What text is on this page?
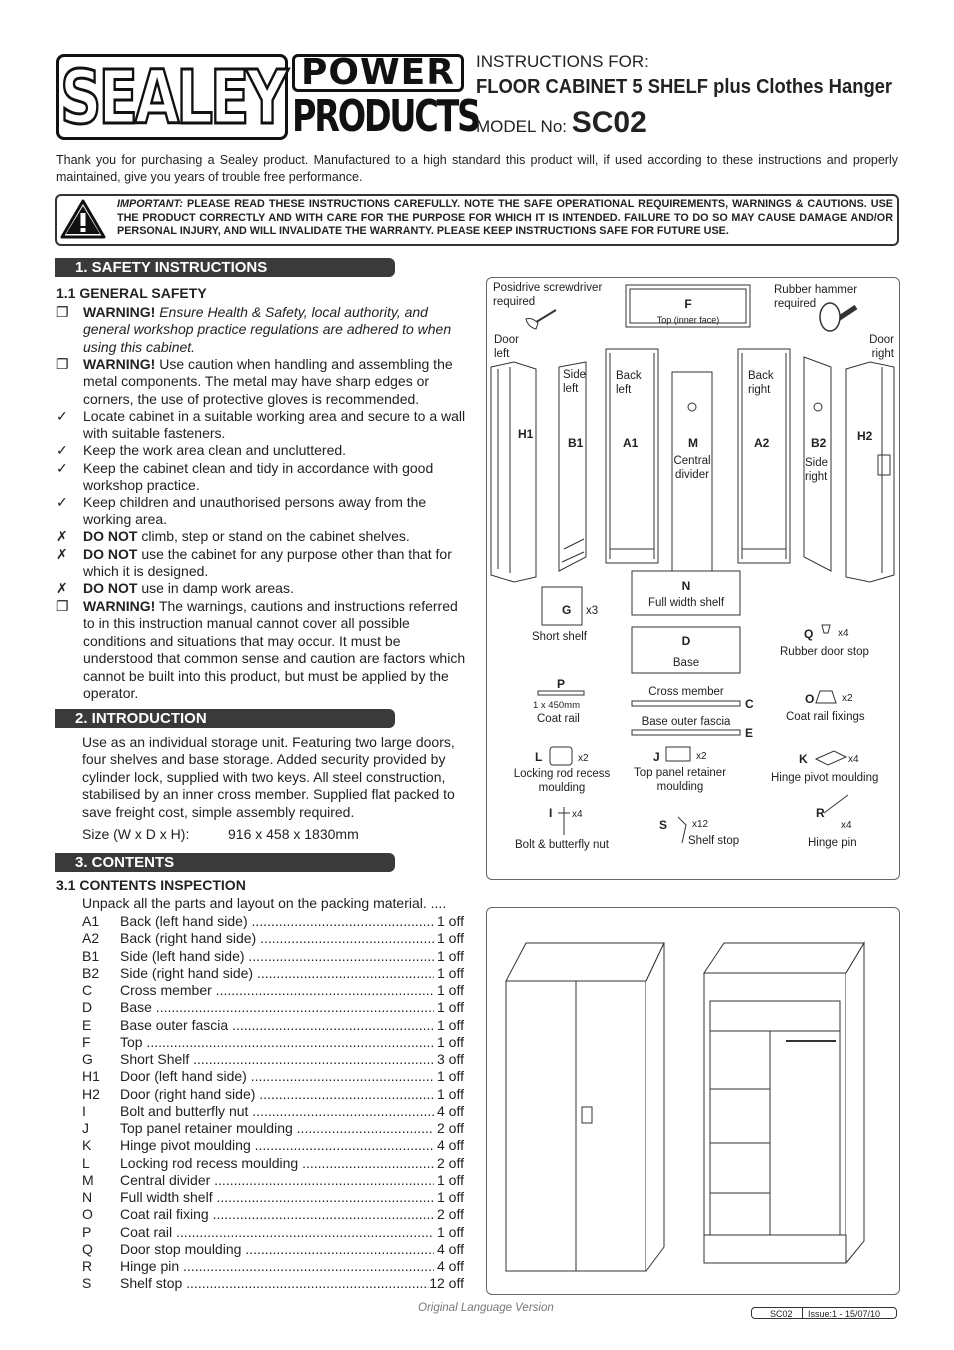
SEALEY POWER
PRODUCTS
INSTRUCTIONS FOR:
FLOOR CABINET 5 SHELF plus Clothes Hanger
MODEL No: SC02
Thank you for purchasing a Sealey product. Manufactured to a high standard this product will, if used according to these instructions and properly maintained, give you years of trouble free performance.
IMPORTANT: PLEASE READ THESE INSTRUCTIONS CAREFULLY. NOTE THE SAFE OPERATIONAL REQUIREMENTS, WARNINGS & CAUTIONS. USE THE PRODUCT CORRECTLY AND WITH CARE FOR THE PURPOSE FOR WHICH IT IS INTENDED. FAILURE TO DO SO MAY CAUSE DAMAGE AND/OR PERSONAL INJURY, AND WILL INVALIDATE THE WARRANTY. PLEASE KEEP INSTRUCTIONS SAFE FOR FUTURE USE.
1. SAFETY INSTRUCTIONS
1.1 GENERAL SAFETY
❐	WARNING! Ensure Health & Safety, local authority, and general workshop practice regulations are adhered to when using this cabinet.
❐	WARNING! Use caution when handling and assembling the metal components. The metal may have sharp edges or corners, the use of protective gloves is recommended.
✓	Locate cabinet in a suitable working area and secure to a wall with suitable fasteners.
✓	Keep the work area clean and uncluttered.
✓	Keep the cabinet clean and tidy in accordance with good workshop practice.
✓	Keep children and unauthorised persons away from the working area.
✗	DO NOT climb, step or stand on the cabinet shelves.
✗	DO NOT use the cabinet for any purpose other than that for which it is designed.
✗	DO NOT use in damp work areas.
❐	WARNING! The warnings, cautions and instructions referred to in this instruction manual cannot cover all possible conditions and situations that may occur. It must be understood that common sense and caution are factors which cannot be built into this product, but must be applied by the operator.
2. INTRODUCTION
Use as an individual storage unit. Featuring two large doors, four shelves and base storage. Added security provided by cylinder lock, supplied with two keys. All steel construction, stabilised by an inner cross member. Supplied flat packed to save freight cost, simple assembly required.
Size (W x D x H):	916 x 458 x 1830mm
3. CONTENTS
3.1 CONTENTS INSPECTION
Unpack all the parts and layout on the packing material. ....
A1 Back (left hand side) .....	1 off
A2 Back (right hand side) .....	1 off
B1 Side (left hand side) .....	1 off
B2 Side (right hand side) .....	1 off
C Cross member .....	1 off
D Base .....	1 off
E Base outer fascia .....	1 off
F Top .....	1 off
G Short Shelf .....	3 off
H1 Door (left hand side) .....	1 off
H2 Door (right hand side) .....	1 off
I Bolt and butterfly nut .....	4 off
J Top panel retainer moulding .....	2 off
K Hinge pivot moulding .....	4 off
L Locking rod recess moulding .....	2 off
M Central divider .....	1 off
N Full width shelf .....	1 off
O Coat rail fixing .....	2 off
P Coat rail .....	1 off
Q Door stop moulding .....	4 off
R Hinge pin .....	4 off
S Shelf stop .....	12 off
Posidrive screwdriver required
Rubber hammer required
F
Top (inner face)
Door left
Door right
Side left
Back left
Back right
Central divider
Side right
H1
B1	A1	M	A2	B2	H2
G x3
Short shelf
N
Full width shelf
D
Base
Q x4
Rubber door stop
P
1 x 450mm
Coat rail
Cross member
C
Base outer fascia
E
O	x2
Coat rail fixings
L	x2
Locking rod recess moulding
J	x2
Top panel retainer moulding
K	x4
Hinge pivot moulding
I x4
Bolt & butterfly nut
S x12
Shelf stop
R
x4
Hinge pin
Original Language Version	SC02 Issue:1 - 15/07/10
